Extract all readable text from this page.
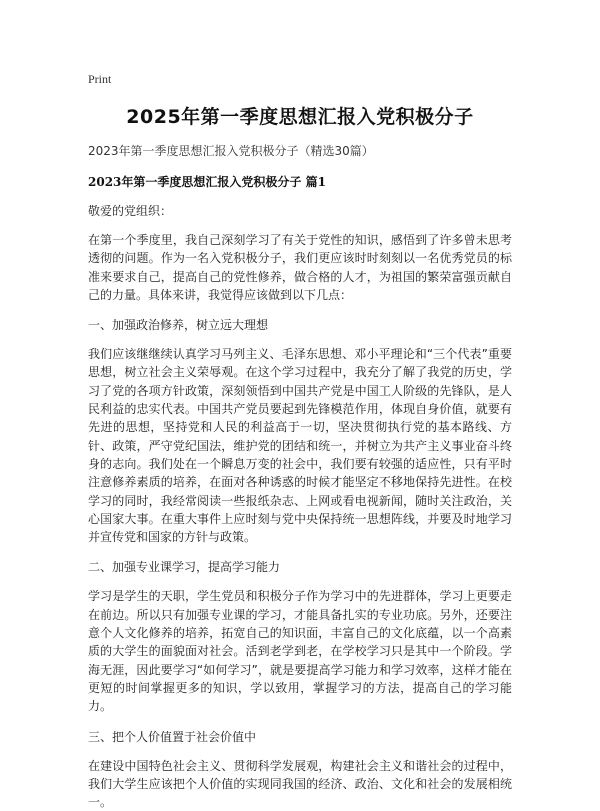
Print
2025年第一季度思想汇报入党积极分子
2023年第一季度思想汇报入党积极分子（精选30篇）
2023年第一季度思想汇报入党积极分子 篇1
敬爱的党组织：

在第一个季度里，我自己深刻学习了有关于党性的知识，感悟到了许多曾未思考透彻的问题。作为一名入党积极分子，我们更应该时时刻刻以一名优秀党员的标准来要求自己，提高自己的党性修养，做合格的人才，为祖国的繁荣富强贡献自己的力量。具体来讲，我觉得应该做到以下几点：

一、加强政治修养，树立远大理想

我们应该继继续认真学习马列主义、毛泽东思想、邓小平理论和“三个代表”重要思想，树立社会主义荣辱观。在这个学习过程中，我充分了解了我党的历史，学习了党的各项方针政策，深刻领悟到中国共产党是中国工人阶级的先锋队，是人民利益的忠实代表。中国共产党员要起到先锋模范作用，体现自身价值，就要有先进的思想，坚持党和人民的利益高于一切，坚决贯彻执行党的基本路线、方针、政策，严守党纪国法，维护党的团结和统一，并树立为共产主义事业奋斗终身的志向。我们处在一个瞬息万变的社会中，我们要有较强的适应性，只有平时注意修养素质的培养，在面对各种诱惑的时候才能坚定不移地保持先进性。在校学习的同时，我经常阅读一些报纸杂志、上网或看电视新闻，随时关注政治，关心国家大事。在重大事件上应时刻与党中央保持统一思想阵线，并要及时地学习并宣传党和国家的方针与政策。

二、加强专业课学习，提高学习能力

学习是学生的天职，学生党员和积极分子作为学习中的先进群体，学习上更要走在前边。所以只有加强专业课的学习，才能具备扎实的专业功底。另外，还要注意个人文化修养的培养，拓宽自己的知识面，丰富自己的文化底蕴，以一个高素质的大学生的面貌面对社会。活到老学到老，在学校学习只是其中一个阶段。学海无涯，因此要学习“如何学习”，就是要提高学习能力和学习效率，这样才能在更短的时间掌握更多的知识，学以致用，掌握学习的方法，提高自己的学习能力。

三、把个人价值置于社会价值中

在建设中国特色社会主义、贯彻科学发展观，构建社会主义和谐社会的过程中，我们大学生应该把个人价值的实现同我国的经济、政治、文化和社会的发展相统一。
